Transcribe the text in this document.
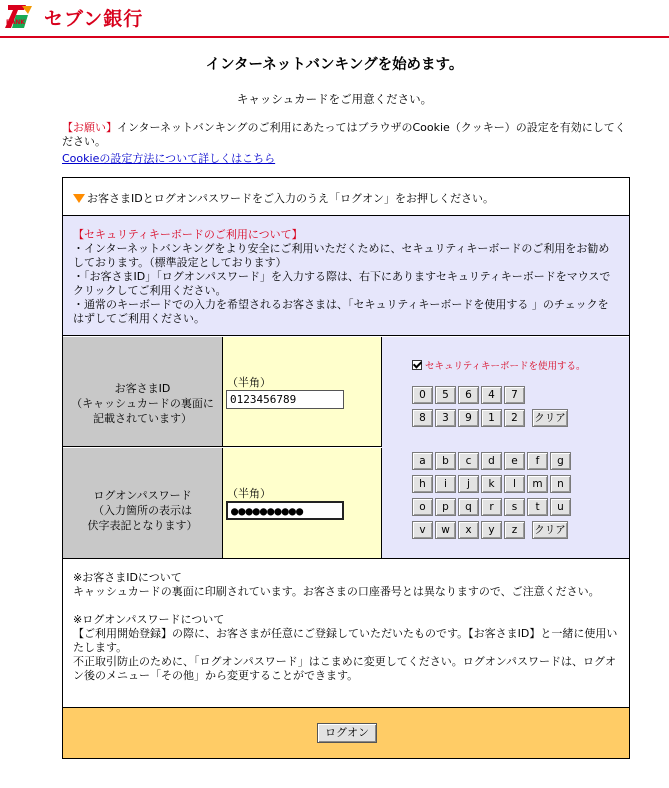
BANK セブン銀行
インターネットバンキングを始めます。
キャッシュカードをご用意ください。
【お願い】インターネットバンキングのご利用にあたってはブラウザのCookie（クッキー）の設定を有効にしてください。
Cookieの設定方法について詳しくはこちら
お客さまIDとログオンパスワードをご入力のうえ「ログオン」をお押しください。

【セキュリティキーボードのご利用について】

・インターネットバンキングをより安全にご利用いただくために、セキュリティキーボードのご利用をお勧めしております。（標準設定としております）

・「お客さまID」「ログオンパスワード」を入力する際は、右下にありますセキュリティキーボードをマウスでクリックしてご利用ください。

・通常のキーボードでの入力を希望されるお客さまは、「セキュリティキーボードを使用する 」のチェックをはずしてご利用ください。

お客さまID
（キャッシュカードの裏面に
記載されています）
（半角）
0123456789
ログオンパスワード
（入力箇所の表示は
伏字表記となります）
（半角）
●●●●●●●●●●
セキュリティキーボードを使用する。
0	5	6	4	7
8	3	9	1	2	クリア
a	b	c	d	e	f	g
h	i	j	k	l	m	n
o	p	q	r	s	t	u
v	w	x	y	z	クリア

※お客さまIDについて

キャッシュカードの裏面に印刷されています。お客さまの口座番号とは異なりますので、ご注意ください。

※ログオンパスワードについて

【ご利用開始登録】の際に、お客さまが任意にご登録していただいたものです。【お客さまID】と一緒に使用いたします。

不正取引防止のために、「ログオンパスワード」はこまめに変更してください。ログオンパスワードは、ログオン後のメニュー「その他」から変更することができます。

ログオン
